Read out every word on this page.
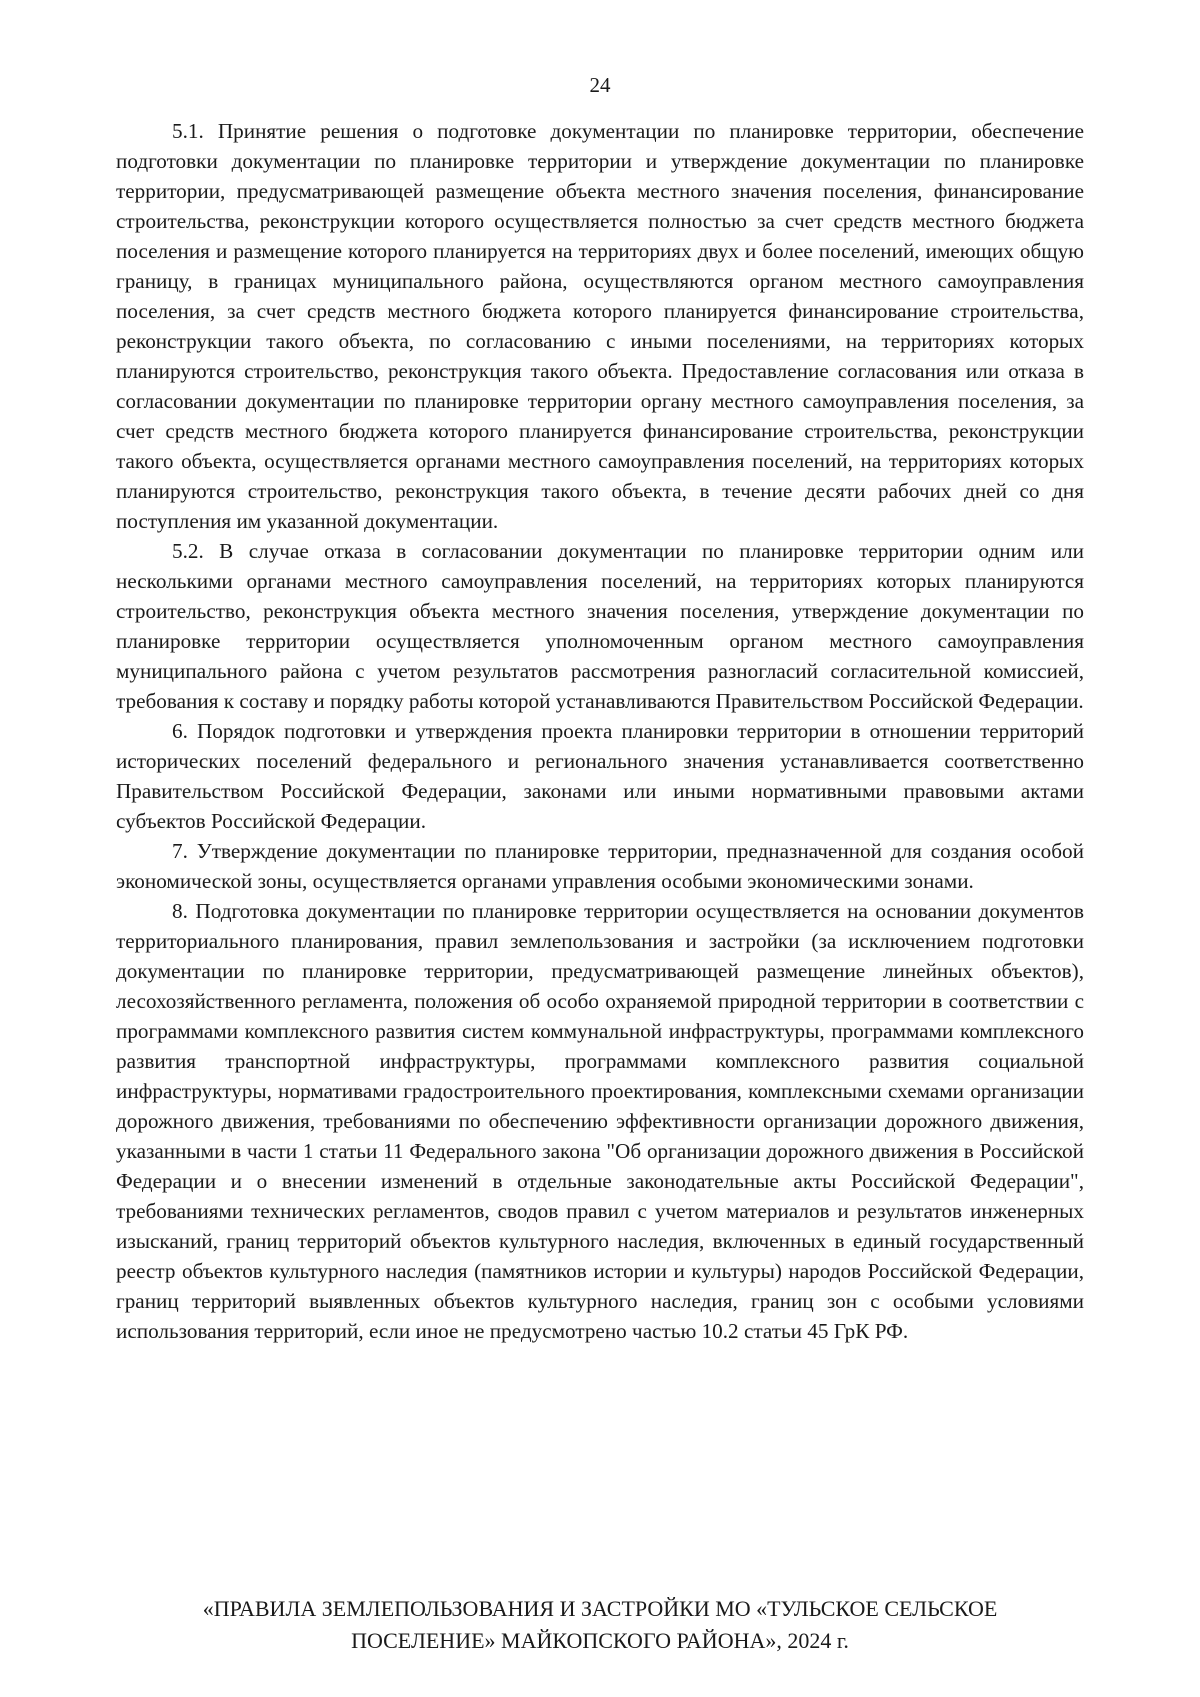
24

5.1. Принятие решения о подготовке документации по планировке территории, обеспечение подготовки документации по планировке территории и утверждение документации по планировке территории, предусматривающей размещение объекта местного значения поселения, финансирование строительства, реконструкции которого осуществляется полностью за счет средств местного бюджета поселения и размещение которого планируется на территориях двух и более поселений, имеющих общую границу, в границах муниципального района, осуществляются органом местного самоуправления поселения, за счет средств местного бюджета которого планируется финансирование строительства, реконструкции такого объекта, по согласованию с иными поселениями, на территориях которых планируются строительство, реконструкция такого объекта. Предоставление согласования или отказа в согласовании документации по планировке территории органу местного самоуправления поселения, за счет средств местного бюджета которого планируется финансирование строительства, реконструкции такого объекта, осуществляется органами местного самоуправления поселений, на территориях которых планируются строительство, реконструкция такого объекта, в течение десяти рабочих дней со дня поступления им указанной документации.

5.2. В случае отказа в согласовании документации по планировке территории одним или несколькими органами местного самоуправления поселений, на территориях которых планируются строительство, реконструкция объекта местного значения поселения, утверждение документации по планировке территории осуществляется уполномоченным органом местного самоуправления муниципального района с учетом результатов рассмотрения разногласий согласительной комиссией, требования к составу и порядку работы которой устанавливаются Правительством Российской Федерации.

6. Порядок подготовки и утверждения проекта планировки территории в отношении территорий исторических поселений федерального и регионального значения устанавливается соответственно Правительством Российской Федерации, законами или иными нормативными правовыми актами субъектов Российской Федерации.

7. Утверждение документации по планировке территории, предназначенной для создания особой экономической зоны, осуществляется органами управления особыми экономическими зонами.

8. Подготовка документации по планировке территории осуществляется на основании документов территориального планирования, правил землепользования и застройки (за исключением подготовки документации по планировке территории, предусматривающей размещение линейных объектов), лесохозяйственного регламента, положения об особо охраняемой природной территории в соответствии с программами комплексного развития систем коммунальной инфраструктуры, программами комплексного развития транспортной инфраструктуры, программами комплексного развития социальной инфраструктуры, нормативами градостроительного проектирования, комплексными схемами организации дорожного движения, требованиями по обеспечению эффективности организации дорожного движения, указанными в части 1 статьи 11 Федерального закона "Об организации дорожного движения в Российской Федерации и о внесении изменений в отдельные законодательные акты Российской Федерации", требованиями технических регламентов, сводов правил с учетом материалов и результатов инженерных изысканий, границ территорий объектов культурного наследия, включенных в единый государственный реестр объектов культурного наследия (памятников истории и культуры) народов Российской Федерации, границ территорий выявленных объектов культурного наследия, границ зон с особыми условиями использования территорий, если иное не предусмотрено частью 10.2 статьи 45 ГрК РФ.

«ПРАВИЛА ЗЕМЛЕПОЛЬЗОВАНИЯ И ЗАСТРОЙКИ МО «ТУЛЬСКОЕ СЕЛЬСКОЕ
ПОСЕЛЕНИЕ» МАЙКОПСКОГО РАЙОНА», 2024 г.
